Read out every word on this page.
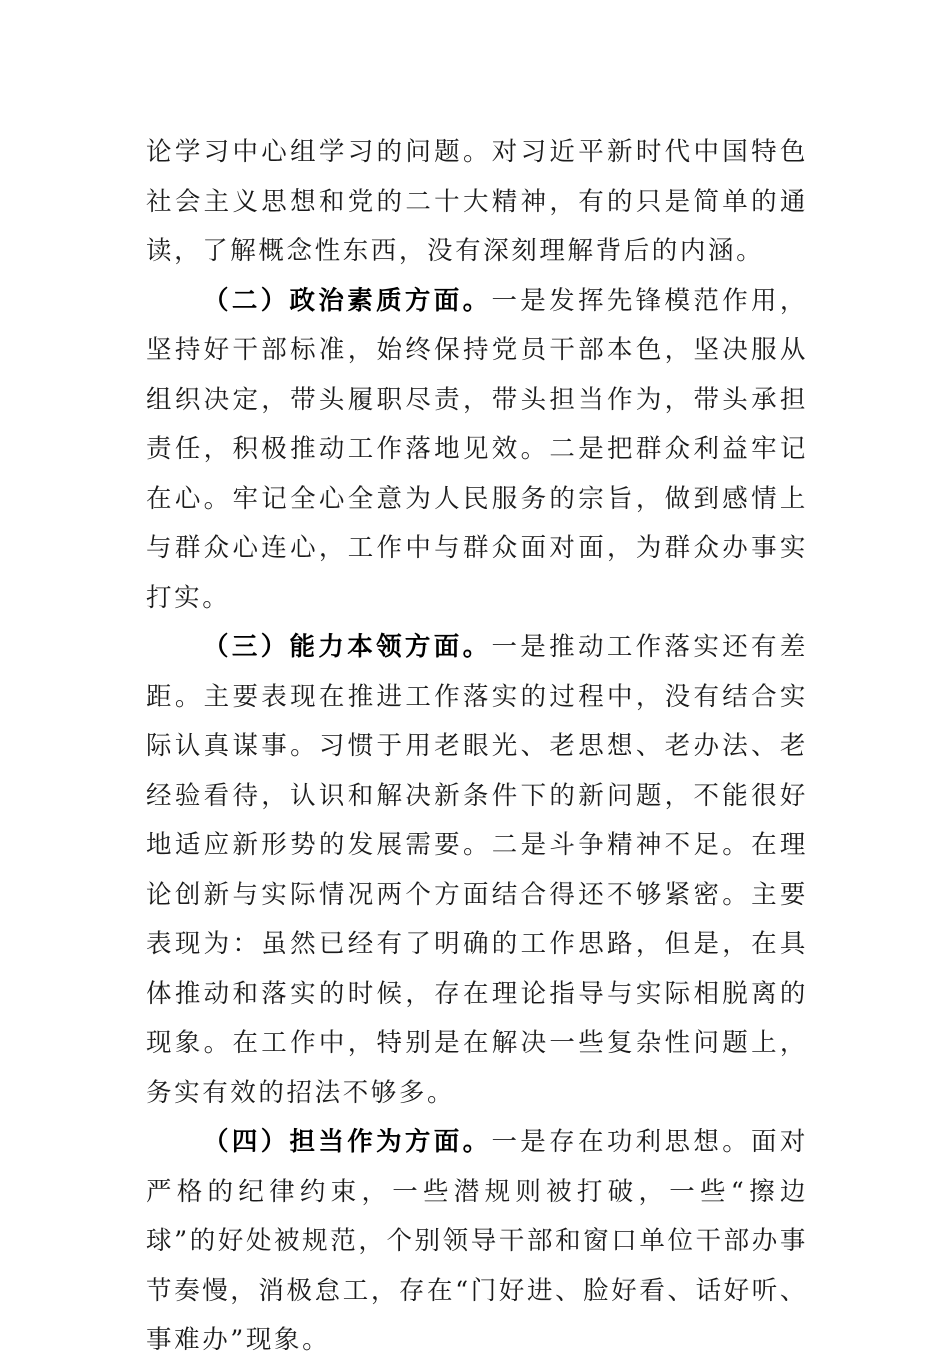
论学习中心组学习的问题。对习近平新时代中国特色社会主义思想和党的二十大精神，有的只是简单的通读，了解概念性东西，没有深刻理解背后的内涵。

（二）政治素质方面。一是发挥先锋模范作用，坚持好干部标准，始终保持党员干部本色，坚决服从组织决定，带头履职尽责，带头担当作为，带头承担责任，积极推动工作落地见效。二是把群众利益牢记在心。牢记全心全意为人民服务的宗旨，做到感情上与群众心连心，工作中与群众面对面，为群众办事实打实。

（三）能力本领方面。一是推动工作落实还有差距。主要表现在推进工作落实的过程中，没有结合实际认真谋事。习惯于用老眼光、老思想、老办法、老经验看待，认识和解决新条件下的新问题，不能很好地适应新形势的发展需要。二是斗争精神不足。在理论创新与实际情况两个方面结合得还不够紧密。主要表现为：虽然已经有了明确的工作思路，但是，在具体推动和落实的时候，存在理论指导与实际相脱离的现象。在工作中，特别是在解决一些复杂性问题上，务实有效的招法不够多。

（四）担当作为方面。一是存在功利思想。面对严格的纪律约束，一些潜规则被打破，一些“擦边球”的好处被规范，个别领导干部和窗口单位干部办事节奏慢，消极怠工，存在“门好进、脸好看、话好听、事难办”现象。
